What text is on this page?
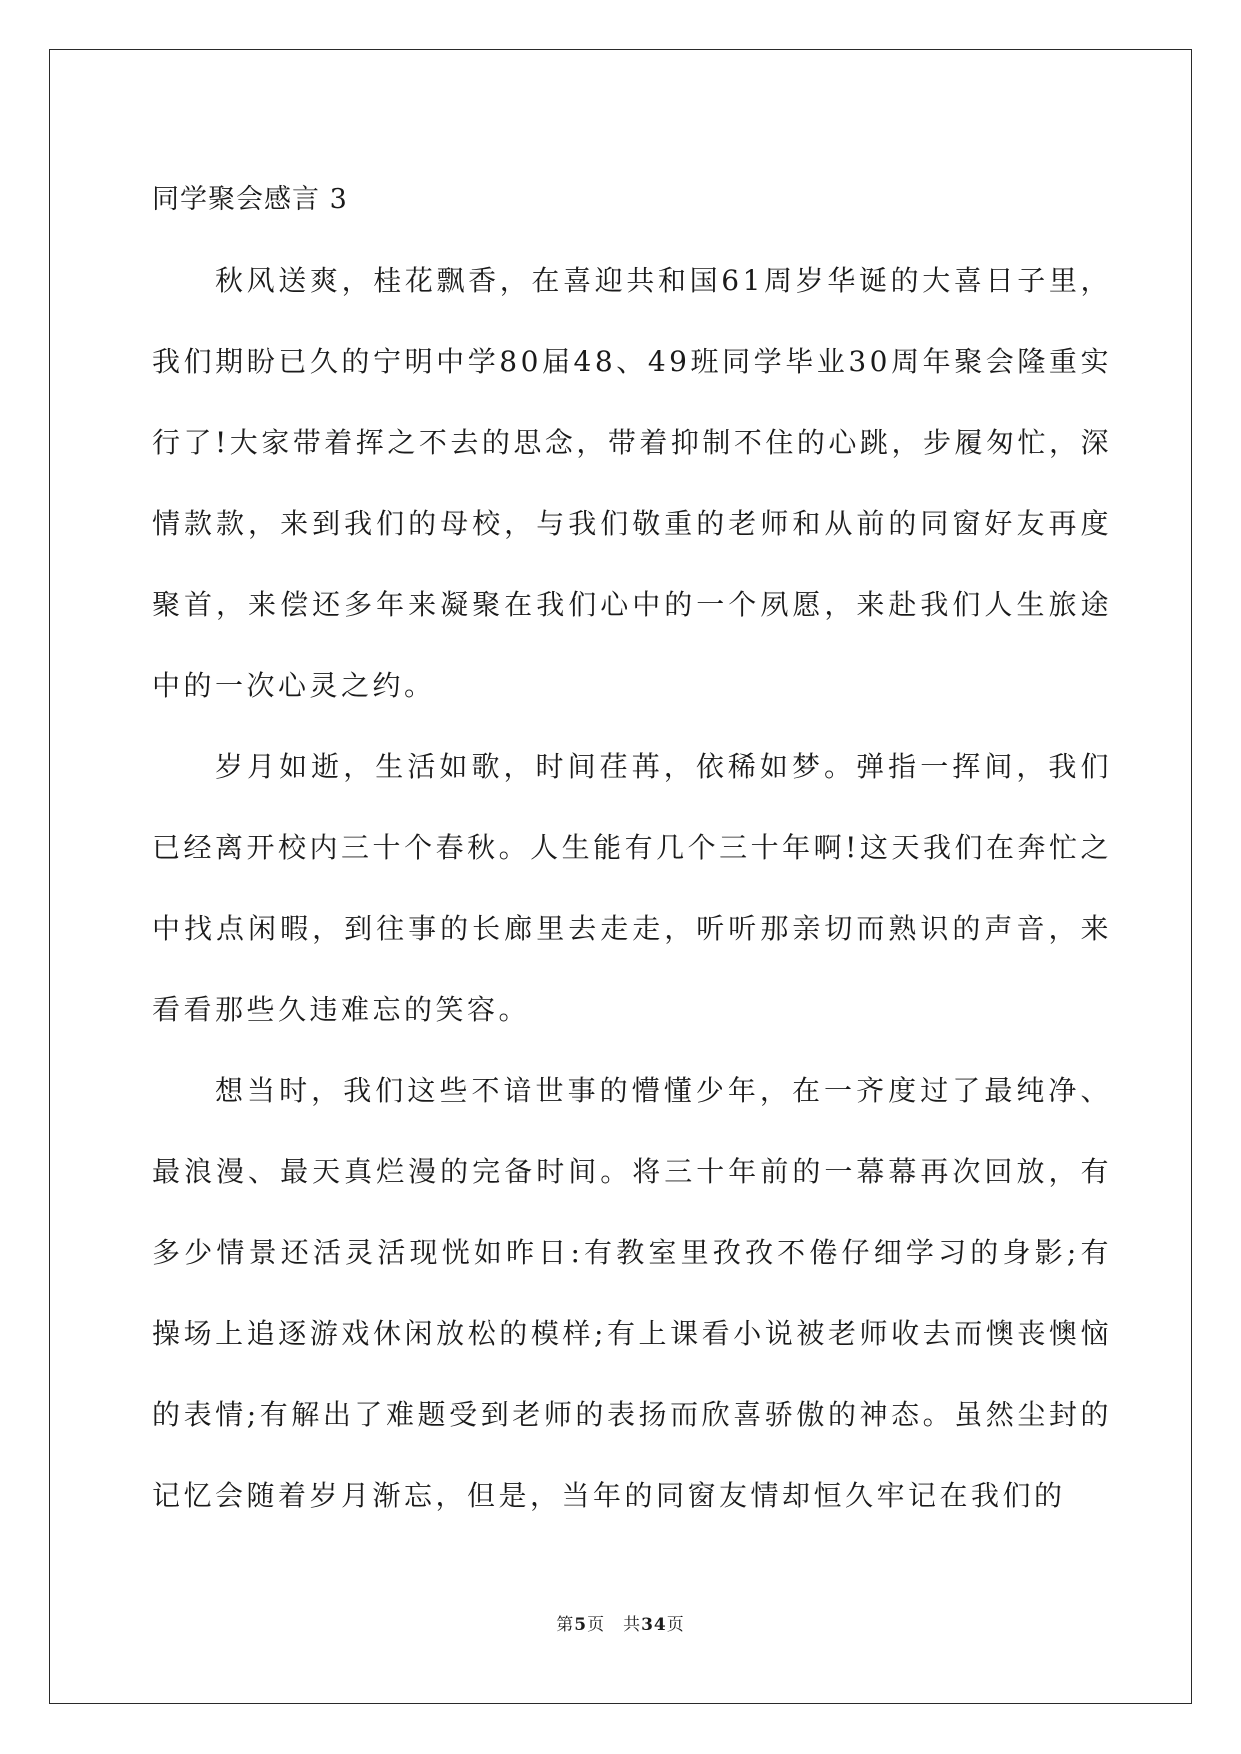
同学聚会感言 3

秋风送爽，桂花飘香，在喜迎共和国61周岁华诞的大喜日子里，我们期盼已久的宁明中学80届48、49班同学毕业30周年聚会隆重实行了!大家带着挥之不去的思念，带着抑制不住的心跳，步履匆忙，深情款款，来到我们的母校，与我们敬重的老师和从前的同窗好友再度聚首，来偿还多年来凝聚在我们心中的一个夙愿，来赴我们人生旅途中的一次心灵之约。

岁月如逝，生活如歌，时间荏苒，依稀如梦。弹指一挥间，我们已经离开校内三十个春秋。人生能有几个三十年啊!这天我们在奔忙之中找点闲暇，到往事的长廊里去走走，听听那亲切而熟识的声音，来看看那些久违难忘的笑容。

想当时，我们这些不谙世事的懵懂少年，在一齐度过了最纯净、最浪漫、最天真烂漫的完备时间。将三十年前的一幕幕再次回放，有多少情景还活灵活现恍如昨日:有教室里孜孜不倦仔细学习的身影;有操场上追逐游戏休闲放松的模样;有上课看小说被老师收去而懊丧懊恼的表情;有解出了难题受到老师的表扬而欣喜骄傲的神态。虽然尘封的记忆会随着岁月渐忘，但是，当年的同窗友情却恒久牢记在我们的

第5页 共34页
